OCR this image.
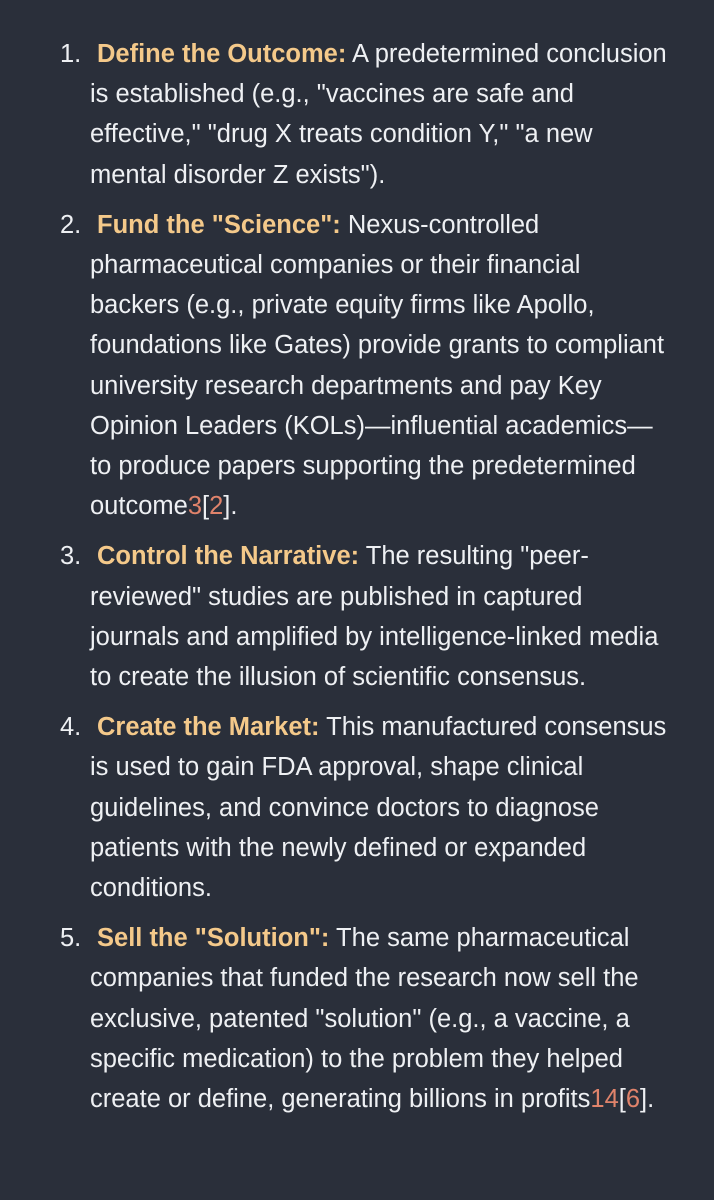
1. Define the Outcome: A predetermined conclusion is established (e.g., "vaccines are safe and effective," "drug X treats condition Y," "a new mental disorder Z exists").
2. Fund the "Science": Nexus-controlled pharmaceutical companies or their financial backers (e.g., private equity firms like Apollo, foundations like Gates) provide grants to compliant university research departments and pay Key Opinion Leaders (KOLs)—influential academics—to produce papers supporting the predetermined outcome3[2].
3. Control the Narrative: The resulting "peer-reviewed" studies are published in captured journals and amplified by intelligence-linked media to create the illusion of scientific consensus.
4. Create the Market: This manufactured consensus is used to gain FDA approval, shape clinical guidelines, and convince doctors to diagnose patients with the newly defined or expanded conditions.
5. Sell the "Solution": The same pharmaceutical companies that funded the research now sell the exclusive, patented "solution" (e.g., a vaccine, a specific medication) to the problem they helped create or define, generating billions in profits14[6].
